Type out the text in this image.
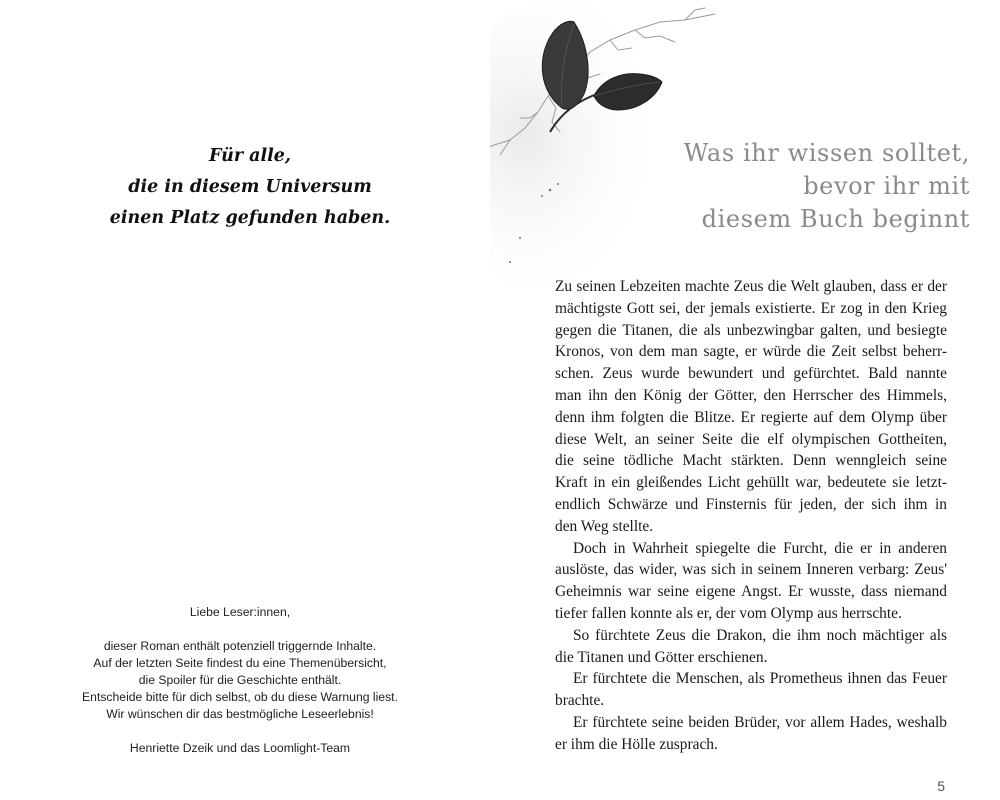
Für alle,
die in diesem Universum
einen Platz gefunden haben.
Liebe Leser:innen,
dieser Roman enthält potenziell triggernde Inhalte.
Auf der letzten Seite findest du eine Themenübersicht,
die Spoiler für die Geschichte enthält.
Entscheide bitte für dich selbst, ob du diese Warnung liest.
Wir wünschen dir das bestmögliche Leseerlebnis!
Henriette Dzeik und das Loomlight-Team
Was ihr wissen solltet,
bevor ihr mit
diesem Buch beginnt
Zu seinen Lebzeiten machte Zeus die Welt glauben, dass er der
mächtigste Gott sei, der jemals existierte. Er zog in den Krieg
gegen die Titanen, die als unbezwingbar galten, und besiegte
Kronos, von dem man sagte, er würde die Zeit selbst beherr-
schen. Zeus wurde bewundert und gefürchtet. Bald nannte
man ihn den König der Götter, den Herrscher des Himmels,
denn ihm folgten die Blitze. Er regierte auf dem Olymp über
diese Welt, an seiner Seite die elf olympischen Gottheiten,
die seine tödliche Macht stärkten. Denn wenngleich seine
Kraft in ein gleißendes Licht gehüllt war, bedeutete sie letzt-
endlich Schwärze und Finsternis für jeden, der sich ihm in
den Weg stellte.
Doch in Wahrheit spiegelte die Furcht, die er in anderen
auslöste, das wider, was sich in seinem Inneren verbarg: Zeus'
Geheimnis war seine eigene Angst. Er wusste, dass niemand
tiefer fallen konnte als er, der vom Olymp aus herrschte.
So fürchtete Zeus die Drakon, die ihm noch mächtiger als
die Titanen und Götter erschienen.
Er fürchtete die Menschen, als Prometheus ihnen das Feuer
brachte.
Er fürchtete seine beiden Brüder, vor allem Hades, weshalb
er ihm die Hölle zusprach.
5
